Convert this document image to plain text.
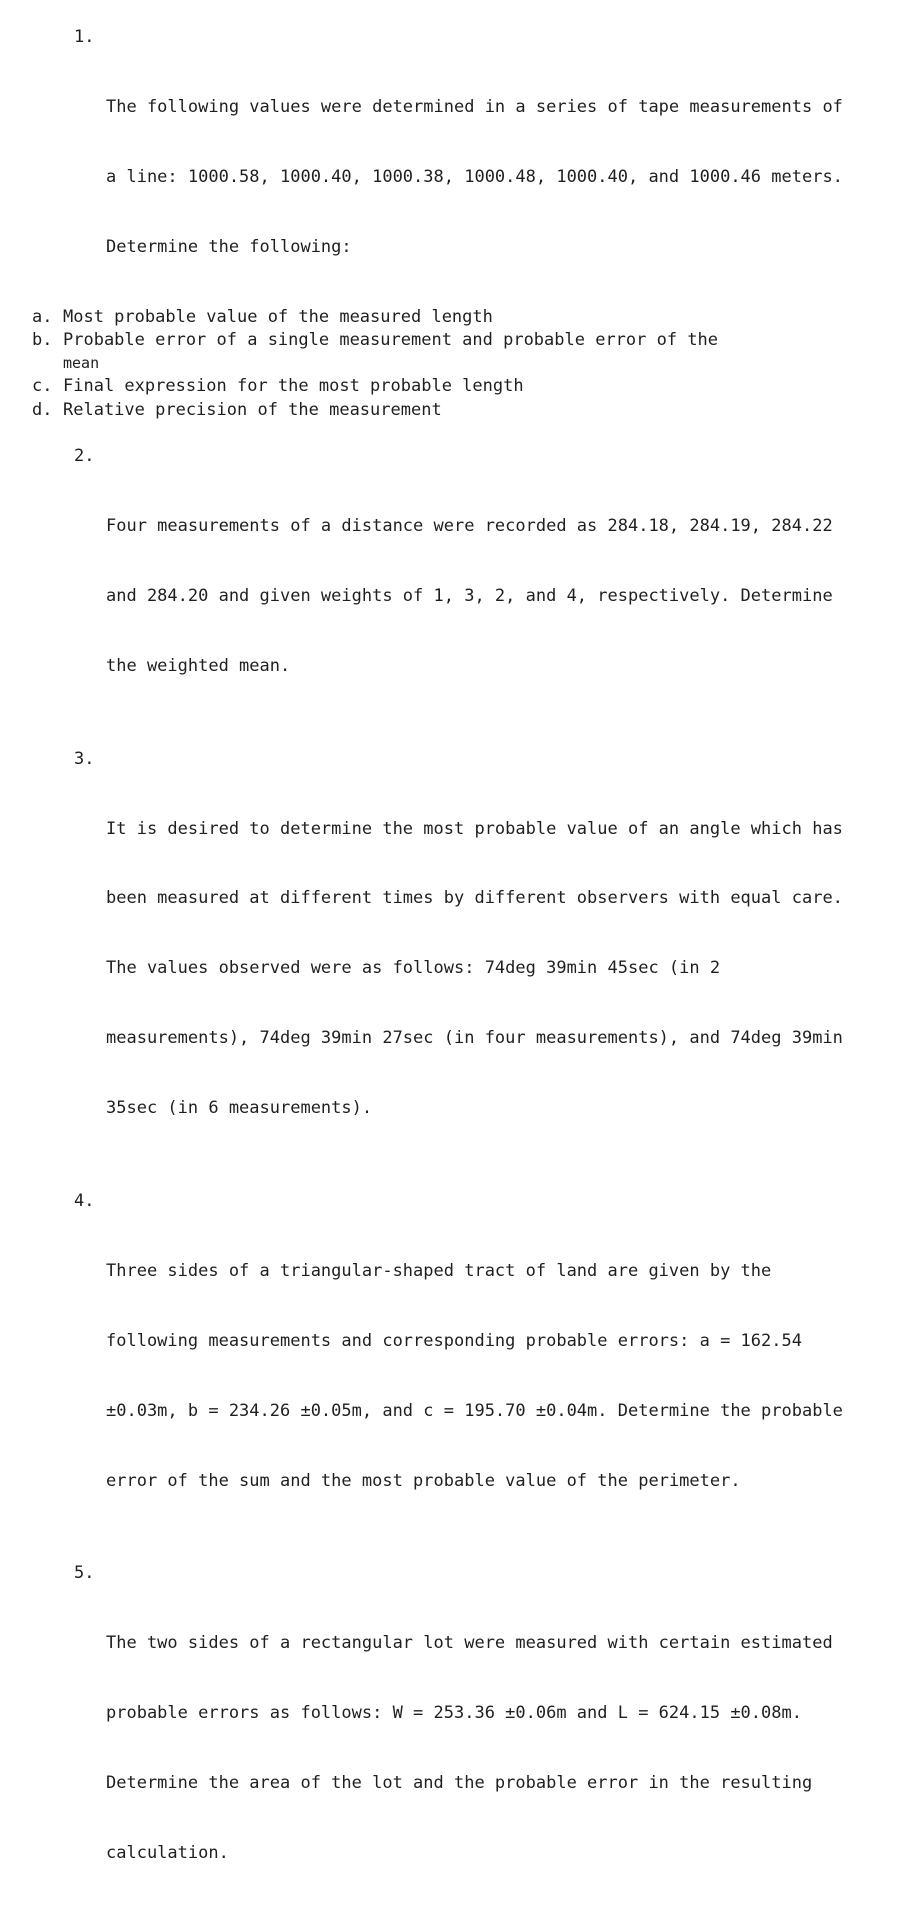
1.

The following values were determined in a series of tape measurements of

a line: 1000.58, 1000.40, 1000.38, 1000.48, 1000.40, and 1000.46 meters.

Determine the following:

a. Most probable value of the measured length
b. Probable error of a single measurement and probable error of the
mean
c. Final expression for the most probable length
d. Relative precision of the measurement

2.

Four measurements of a distance were recorded as 284.18, 284.19, 284.22

and 284.20 and given weights of 1, 3, 2, and 4, respectively. Determine

the weighted mean.

3.

It is desired to determine the most probable value of an angle which has

been measured at different times by different observers with equal care.

The values observed were as follows: 74deg 39min 45sec (in 2

measurements), 74deg 39min 27sec (in four measurements), and 74deg 39min

35sec (in 6 measurements).

4.

Three sides of a triangular-shaped tract of land are given by the

following measurements and corresponding probable errors: a = 162.54

±0.03m, b = 234.26 ±0.05m, and c = 195.70 ±0.04m. Determine the probable

error of the sum and the most probable value of the perimeter.

5.

The two sides of a rectangular lot were measured with certain estimated

probable errors as follows: W = 253.36 ±0.06m and L = 624.15 ±0.08m.

Determine the area of the lot and the probable error in the resulting

calculation.
